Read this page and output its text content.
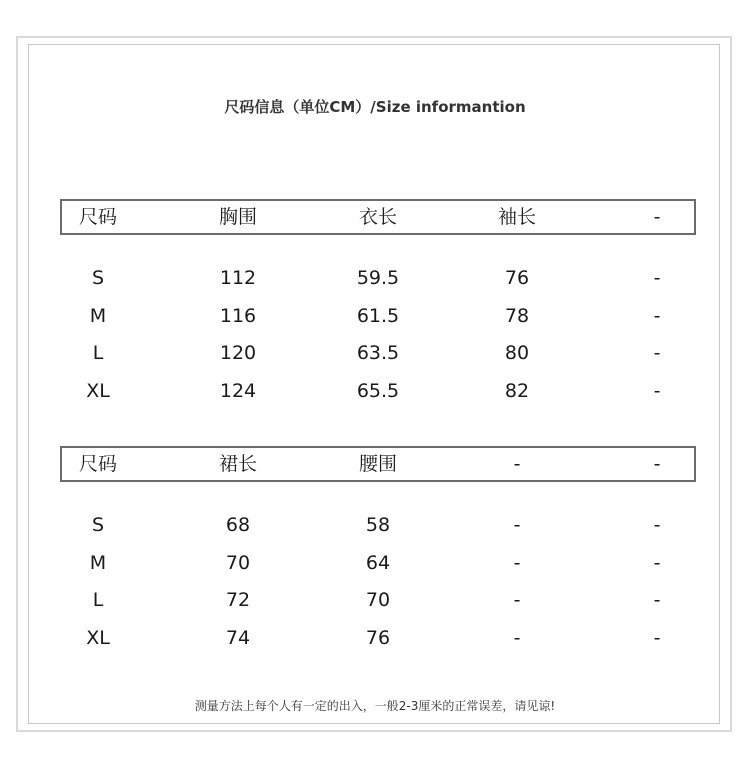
尺码信息（单位CM）/Size informantion
尺码	胸围	衣长	袖长	-
S	112	59.5	76	-
M	116	61.5	78	-
L	120	63.5	80	-
XL	124	65.5	82	-
尺码	裙长	腰围	-	-
S	68	58	-	-
M	70	64	-	-
L	72	70	-	-
XL	74	76	-	-
测量方法上每个人有一定的出入，一般2-3厘米的正常误差，请见谅!
